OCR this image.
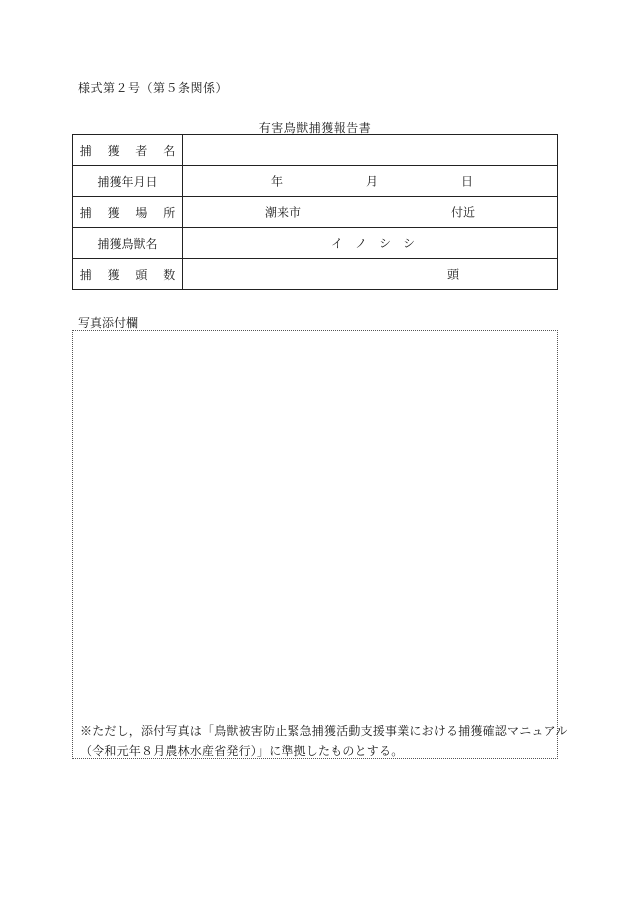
様式第２号（第５条関係）
有害鳥獣捕獲報告書
捕 獲 者 名	
捕獲年月日	年 月 日

捕 獲 場 所	潮来市 付近

捕獲鳥獣名	イ　ノ　シ　シ

捕 獲 頭 数	頭
写真添付欄
※ただし，添付写真は「鳥獣被害防止緊急捕獲活動支援事業における捕獲確認マニュアル
（令和元年８月農林水産省発行）」に準拠したものとする。
